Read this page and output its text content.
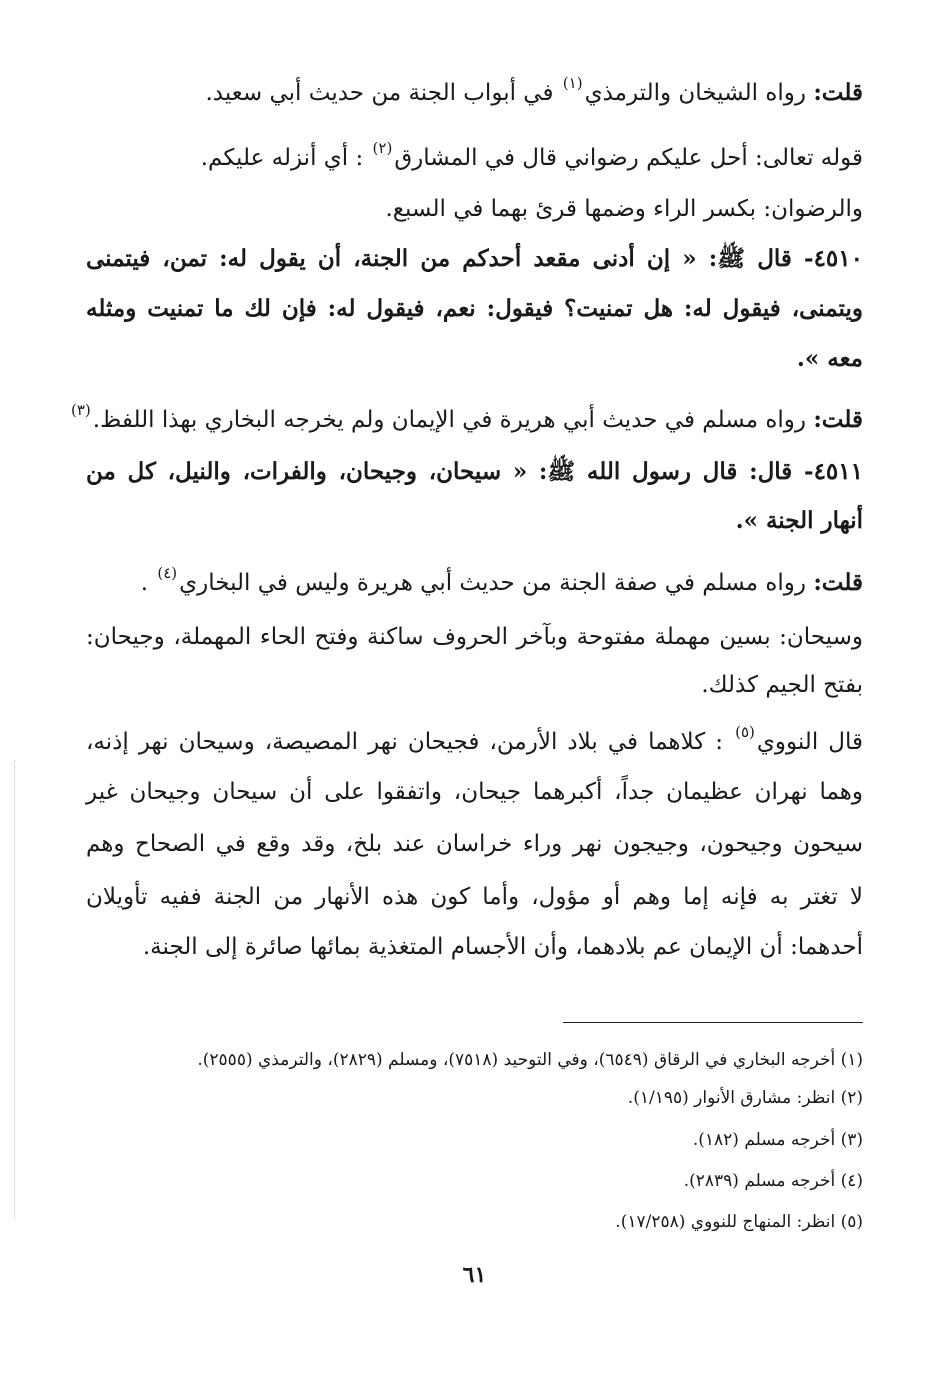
قلت: رواه الشيخان والترمذي$^{(١)}$ في أبواب الجنة من حديث أبي سعيد.
قوله تعالى: أحل عليكم رضواني قال في المشارق$^{(٢)}$ : أي أنزله عليكم.
والرضوان: بكسر الراء وضمها قرئ بهما في السبع.
٤٥١٠- قال ﷺ: « إن أدنى مقعد أحدكم من الجنة، أن يقول له: تمن، فيتمنى
ويتمنى، فيقول له: هل تمنيت؟ فيقول: نعم، فيقول له: فإن لك ما تمنيت ومثله
معه ».
قلت: رواه مسلم في حديث أبي هريرة في الإيمان ولم يخرجه البخاري بهذا اللفظ.$^{(٣)}$
٤٥١١- قال: قال رسول الله ﷺ: « سيحان، وجيحان، والفرات، والنيل، كل من
أنهار الجنة ».
قلت: رواه مسلم في صفة الجنة من حديث أبي هريرة وليس في البخاري$^{(٤)}$ .
وسيحان: بسين مهملة مفتوحة وبآخر الحروف ساكنة وفتح الحاء المهملة، وجيحان:
بفتح الجيم كذلك.
قال النووي$^{(٥)}$ : كلاهما في بلاد الأرمن، فجيحان نهر المصيصة، وسيحان نهر إذنه،
وهما نهران عظيمان جداً، أكبرهما جيحان، واتفقوا على أن سيحان وجيحان غير
سيحون وجيحون، وجيجون نهر وراء خراسان عند بلخ، وقد وقع في الصحاح وهم
لا تغتر به فإنه إما وهم أو مؤول، وأما كون هذه الأنهار من الجنة ففيه تأويلان
أحدهما: أن الإيمان عم بلادهما، وأن الأجسام المتغذية بمائها صائرة إلى الجنة.
(١) أخرجه البخاري في الرقاق (٦٥٤٩)، وفي التوحيد (٧٥١٨)، ومسلم (٢٨٢٩)، والترمذي (٢٥٥٥).
(٢) انظر: مشارق الأنوار (١/١٩٥).
(٣) أخرجه مسلم (١٨٢).
(٤) أخرجه مسلم (٢٨٣٩).
(٥) انظر: المنهاج للنووي (١٧/٢٥٨).
٦١
